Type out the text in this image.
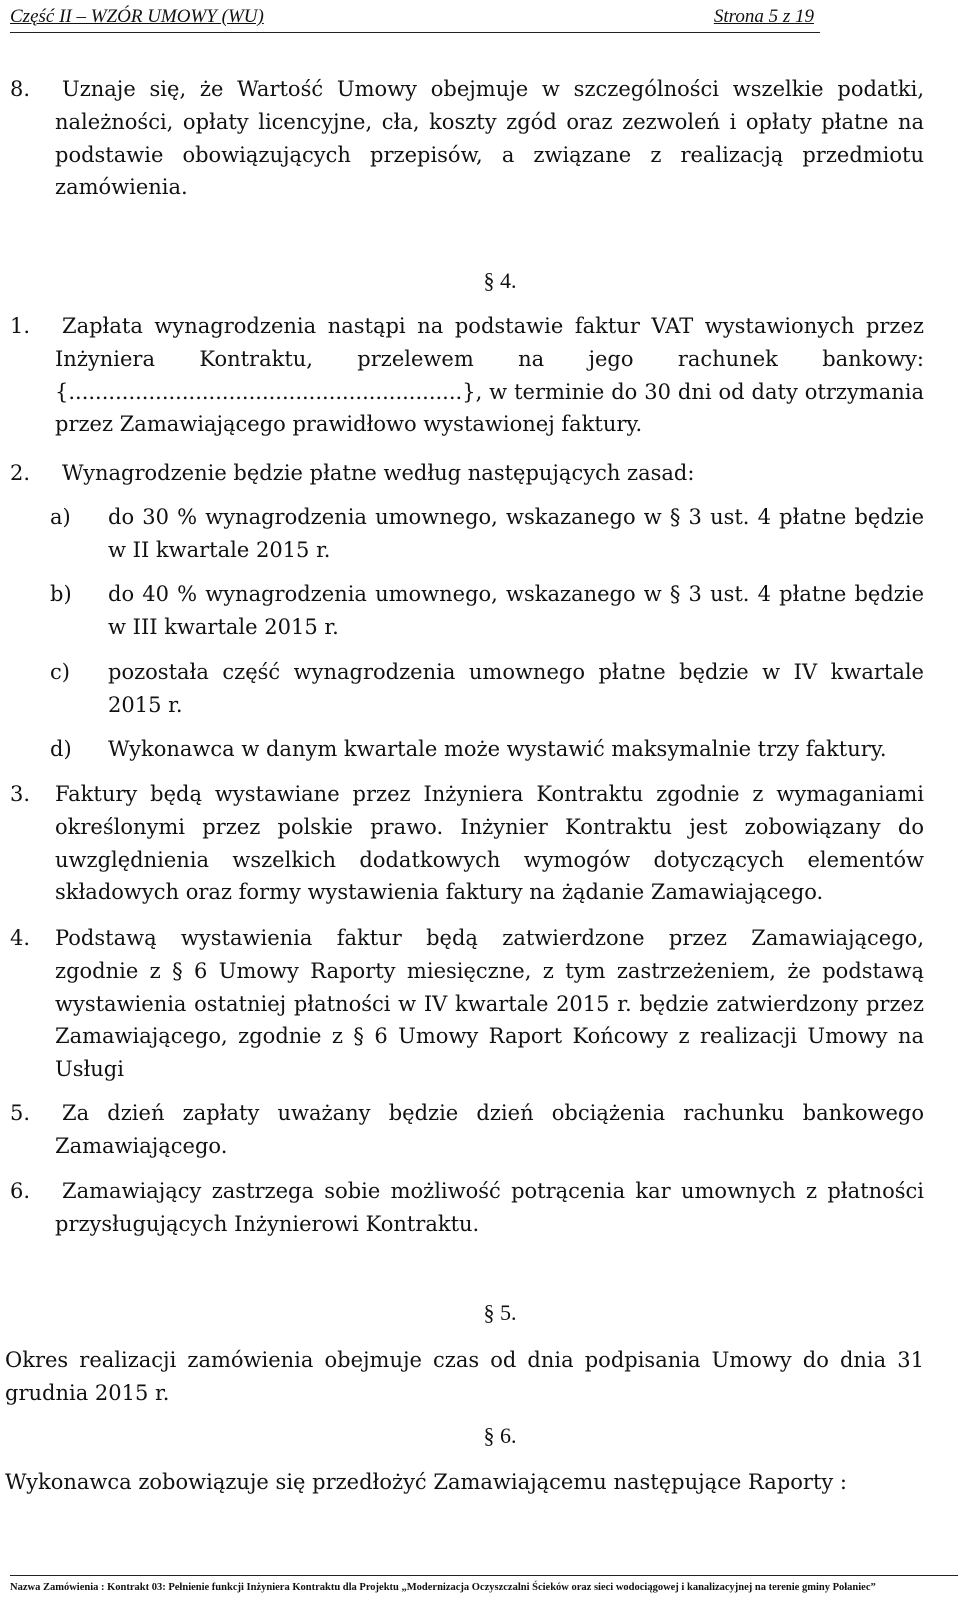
Część II – WZÓR UMOWY (WU)	Strona 5 z 19
8. Uznaje się, że Wartość Umowy obejmuje w szczególności wszelkie podatki,
należności, opłaty licencyjne, cła, koszty zgód oraz zezwoleń i opłaty płatne na podstawie obowiązujących przepisów, a związane z realizacją przedmiotu zamówienia.
§ 4.
1. Zapłata wynagrodzenia nastąpi na podstawie faktur VAT wystawionych przez
Inżyniera Kontraktu, przelewem na jego rachunek bankowy: {...........................................................}, w terminie do 30 dni od daty otrzymania przez Zamawiającego prawidłowo wystawionej faktury.
2. Wynagrodzenie będzie płatne według następujących zasad:
a) do 30 % wynagrodzenia umownego, wskazanego w § 3 ust. 4 płatne będzie w II kwartale 2015 r.
b) do 40 % wynagrodzenia umownego, wskazanego w § 3 ust. 4 płatne będzie w III kwartale 2015 r.
c) pozostała część wynagrodzenia umownego płatne będzie w IV kwartale 2015 r.
d) Wykonawca w danym kwartale może wystawić maksymalnie trzy faktury.
3. Faktury będą wystawiane przez Inżyniera Kontraktu zgodnie z wymaganiami
określonymi przez polskie prawo. Inżynier Kontraktu jest zobowiązany do uwzględnienia wszelkich dodatkowych wymogów dotyczących elementów składowych oraz formy wystawienia faktury na żądanie Zamawiającego.
4. Podstawą wystawienia faktur będą zatwierdzone przez Zamawiającego,
zgodnie z § 6 Umowy Raporty miesięczne, z tym zastrzeżeniem, że podstawą wystawienia ostatniej płatności w IV kwartale 2015 r. będzie zatwierdzony przez Zamawiającego, zgodnie z § 6 Umowy Raport Końcowy z realizacji Umowy na Usługi
5. Za dzień zapłaty uważany będzie dzień obciążenia rachunku bankowego
Zamawiającego.
6. Zamawiający zastrzega sobie możliwość potrącenia kar umownych z płatności
przysługujących Inżynierowi Kontraktu.
§ 5.
Okres realizacji zamówienia obejmuje czas od dnia podpisania Umowy do dnia 31 grudnia 2015 r.
§ 6.
Wykonawca zobowiązuje się przedłożyć Zamawiającemu następujące Raporty :
Nazwa Zamówienia : Kontrakt 03: Pełnienie funkcji Inżyniera Kontraktu dla Projektu „Modernizacja Oczyszczalni Ścieków oraz sieci wodociągowej i kanalizacyjnej na terenie gminy Połaniec”
